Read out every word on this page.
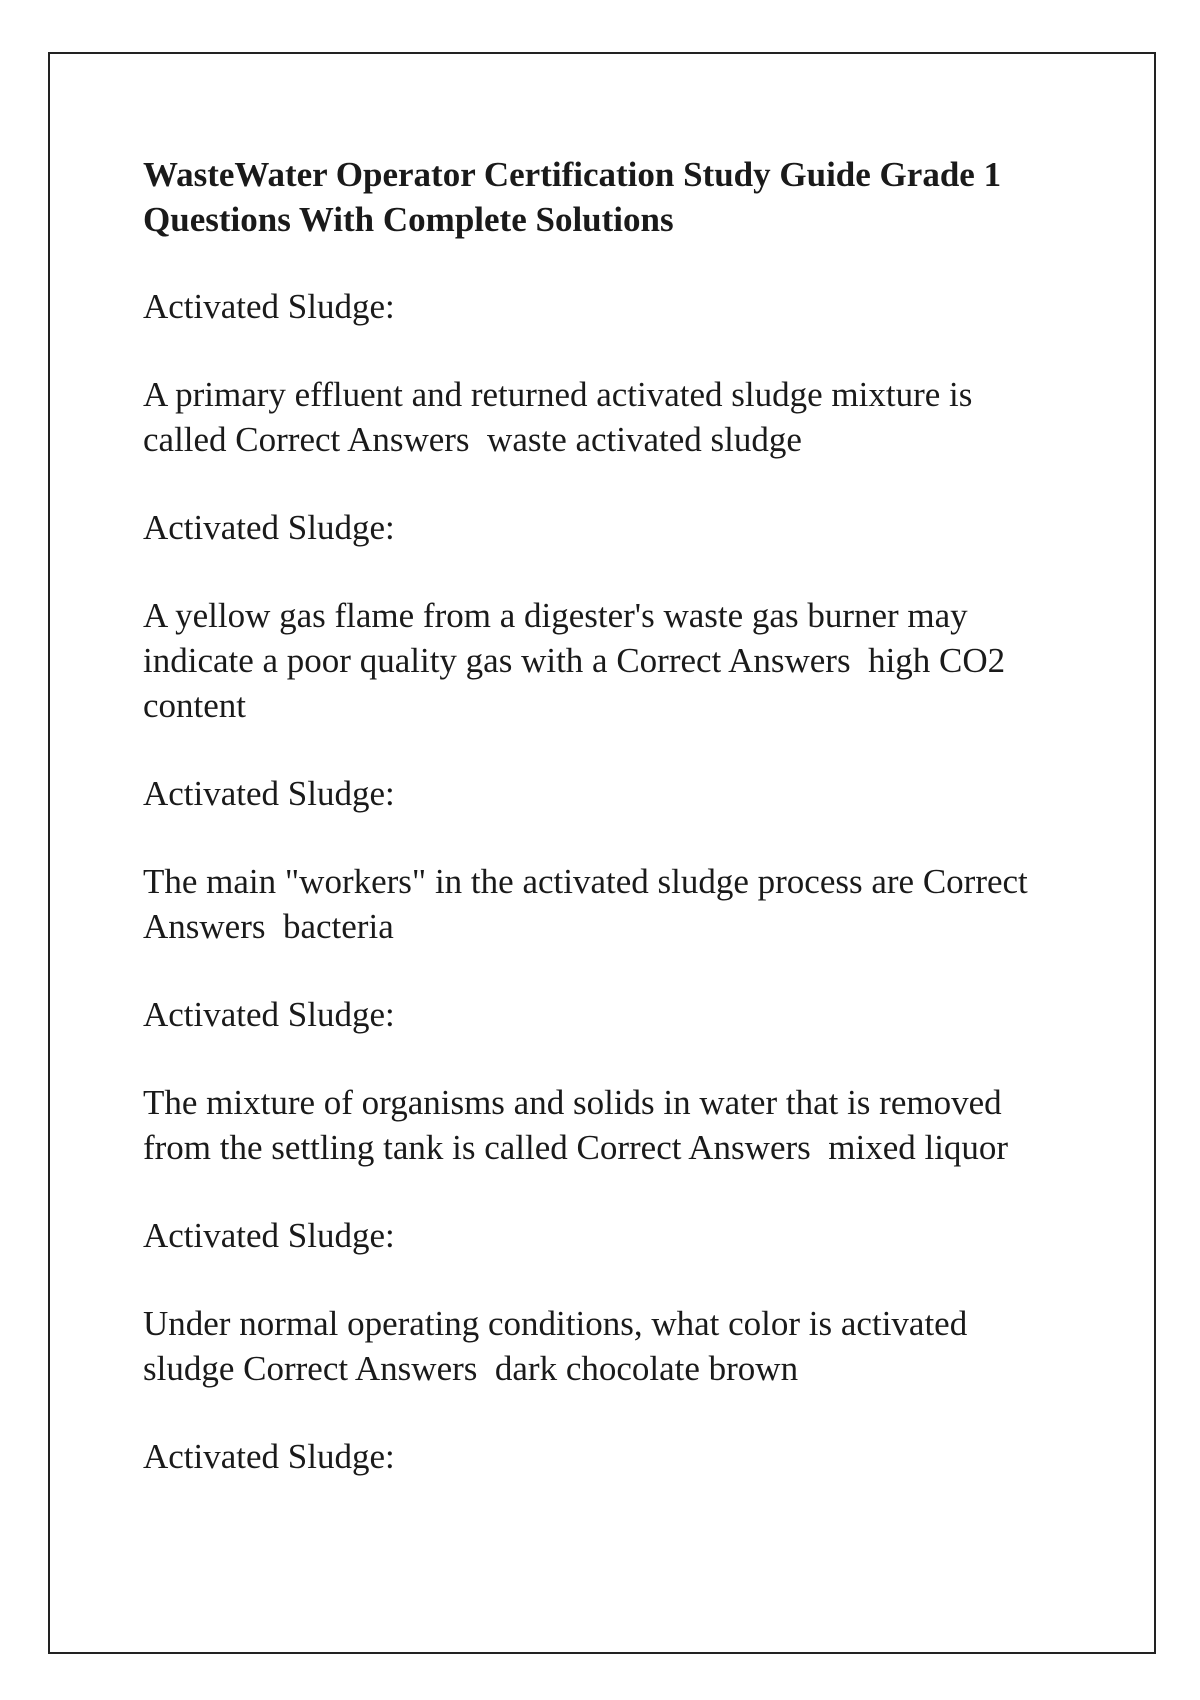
WasteWater Operator Certification Study Guide Grade 1 Questions With Complete Solutions

Activated Sludge:

A primary effluent and returned activated sludge mixture is called Correct Answers  waste activated sludge

Activated Sludge:

A yellow gas flame from a digester's waste gas burner may indicate a poor quality gas with a Correct Answers  high CO2 content

Activated Sludge:

The main "workers" in the activated sludge process are Correct Answers  bacteria

Activated Sludge:

The mixture of organisms and solids in water that is removed from the settling tank is called Correct Answers  mixed liquor

Activated Sludge:

Under normal operating conditions, what color is activated sludge Correct Answers  dark chocolate brown

Activated Sludge:
